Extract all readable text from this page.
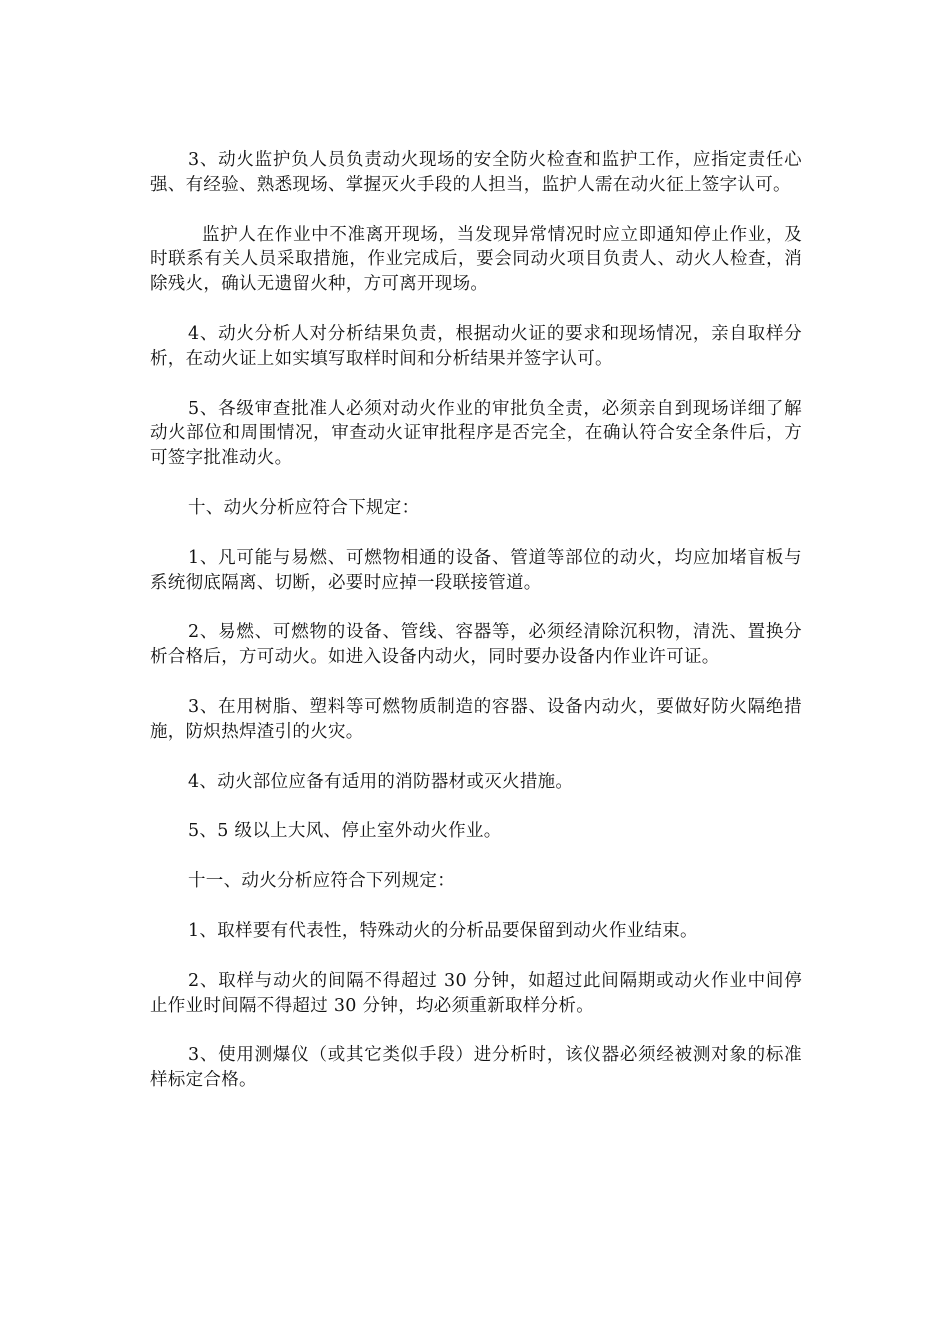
3、动火监护负人员负责动火现场的安全防火检查和监护工作，应指定责任心强、有经验、熟悉现场、掌握灭火手段的人担当，监护人需在动火征上签字认可。

监护人在作业中不准离开现场，当发现异常情况时应立即通知停止作业，及时联系有关人员采取措施，作业完成后，要会同动火项目负责人、动火人检查，消除残火，确认无遗留火种，方可离开现场。

4、动火分析人对分析结果负责，根据动火证的要求和现场情况，亲自取样分析，在动火证上如实填写取样时间和分析结果并签字认可。

5、各级审查批准人必须对动火作业的审批负全责，必须亲自到现场详细了解动火部位和周围情况，审查动火证审批程序是否完全，在确认符合安全条件后，方可签字批准动火。

十、动火分析应符合下规定：

1、凡可能与易燃、可燃物相通的设备、管道等部位的动火，均应加堵盲板与系统彻底隔离、切断，必要时应掉一段联接管道。

2、易燃、可燃物的设备、管线、容器等，必须经清除沉积物，清洗、置换分析合格后，方可动火。如进入设备内动火，同时要办设备内作业许可证。

3、在用树脂、塑料等可燃物质制造的容器、设备内动火，要做好防火隔绝措施，防炽热焊渣引的火灾。

4、动火部位应备有适用的消防器材或灭火措施。

5、5 级以上大风、停止室外动火作业。

十一、动火分析应符合下列规定：

1、取样要有代表性，特殊动火的分析品要保留到动火作业结束。

2、取样与动火的间隔不得超过 30 分钟，如超过此间隔期或动火作业中间停止作业时间隔不得超过 30 分钟，均必须重新取样分析。

3、使用测爆仪（或其它类似手段）进分析时，该仪器必须经被测对象的标准样标定合格。
